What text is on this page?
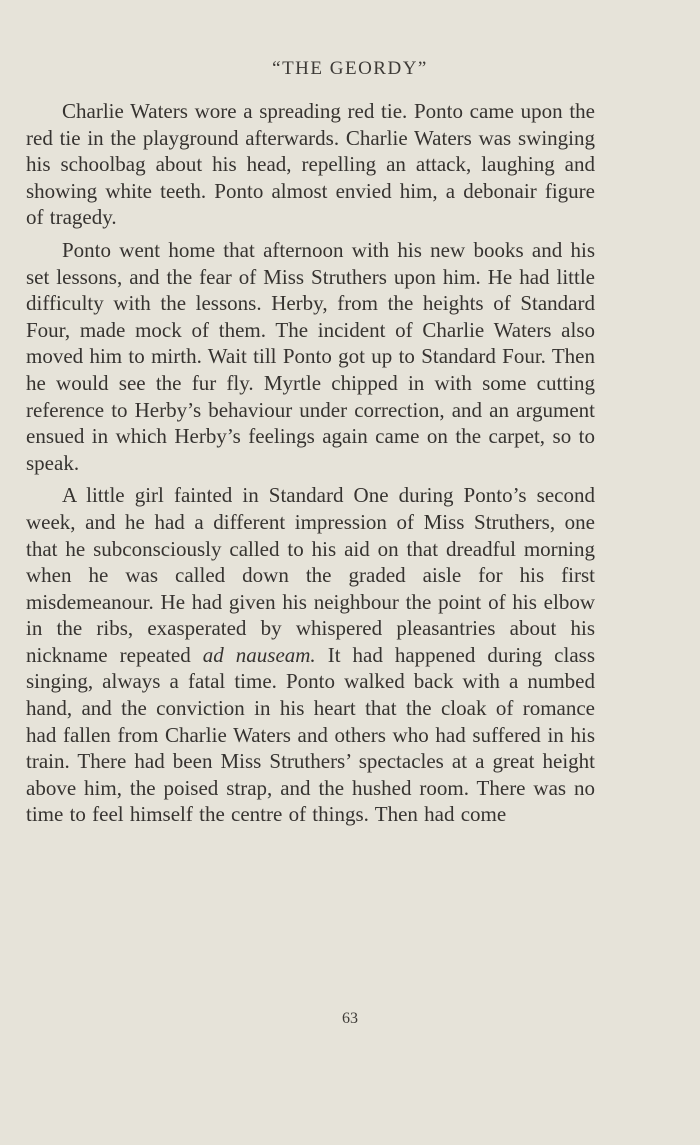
“THE GEORDY”

Charlie Waters wore a spreading red tie. Ponto came upon the red tie in the playground afterwards. Charlie Waters was swinging his schoolbag about his head, repelling an attack, laughing and showing white teeth. Ponto almost envied him, a debonair figure of tragedy.

Ponto went home that afternoon with his new books and his set lessons, and the fear of Miss Struthers upon him. He had little difficulty with the lessons. Herby, from the heights of Standard Four, made mock of them. The incident of Charlie Waters also moved him to mirth. Wait till Ponto got up to Standard Four. Then he would see the fur fly. Myrtle chipped in with some cutting reference to Herby’s behaviour under correction, and an argument ensued in which Herby’s feelings again came on the carpet, so to speak.

A little girl fainted in Standard One during Ponto’s second week, and he had a different impression of Miss Struthers, one that he subconsciously called to his aid on that dreadful morning when he was called down the graded aisle for his first misdemeanour. He had given his neighbour the point of his elbow in the ribs, exasperated by whispered pleasantries about his nickname repeated ad nauseam. It had happened during class singing, always a fatal time. Ponto walked back with a numbed hand, and the conviction in his heart that the cloak of romance had fallen from Charlie Waters and others who had suffered in his train. There had been Miss Struthers’ spectacles at a great height above him, the poised strap, and the hushed room. There was no time to feel himself the centre of things. Then had come

63
